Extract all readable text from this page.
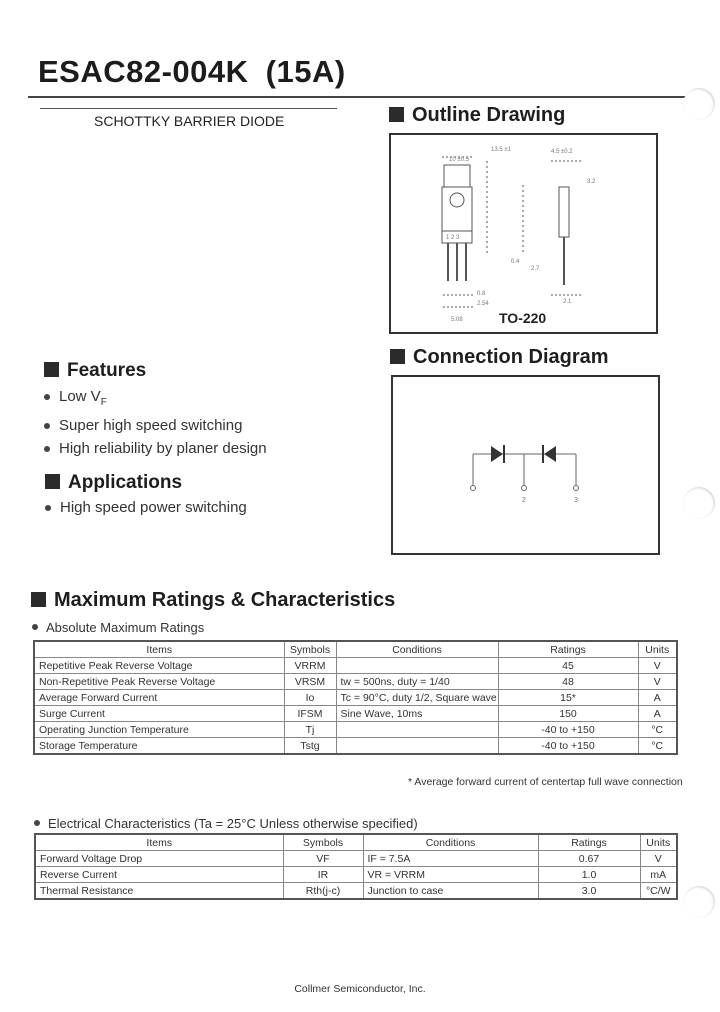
ESAC82-004K (15A)
SCHOTTKY BARRIER DIODE	Outline Drawing
13.5 ±1	4.5 ±0.2
10 ±0.5
3.2
0.8
2.54
5.08
2.7
0.4
2.1
1 2 3
TO-220
Connection Diagram
2	3
Features
Low $V_F$
Super high speed switching
High reliability by planer design
Applications
High speed power switching
Maximum Ratings & Characteristics
Absolute Maximum Ratings
Items	Symbols	Conditions	Ratings	Units
Repetitive Peak Reverse Voltage	VRRM		45	V
Non-Repetitive Peak Reverse Voltage	VRSM	tw = 500ns, duty = 1/40	48	V
Average Forward Current	Io	Tc = 90°C, duty 1/2, Square wave	15*	A
Surge Current	IFSM	Sine Wave, 10ms	150	A
Operating Junction Temperature	Tj		-40 to +150	°C
Storage Temperature	Tstg		-40 to +150	°C
* Average forward current of centertap full wave connection
Electrical Characteristics (Ta = 25°C Unless otherwise specified)
Items	Symbols	Conditions	Ratings	Units
Forward Voltage Drop	VF	IF = 7.5A	0.67	V
Reverse Current	IR	VR = VRRM	1.0	mA
Thermal Resistance	Rth(j-c)	Junction to case	3.0	°C/W
Collmer Semiconductor, Inc.
